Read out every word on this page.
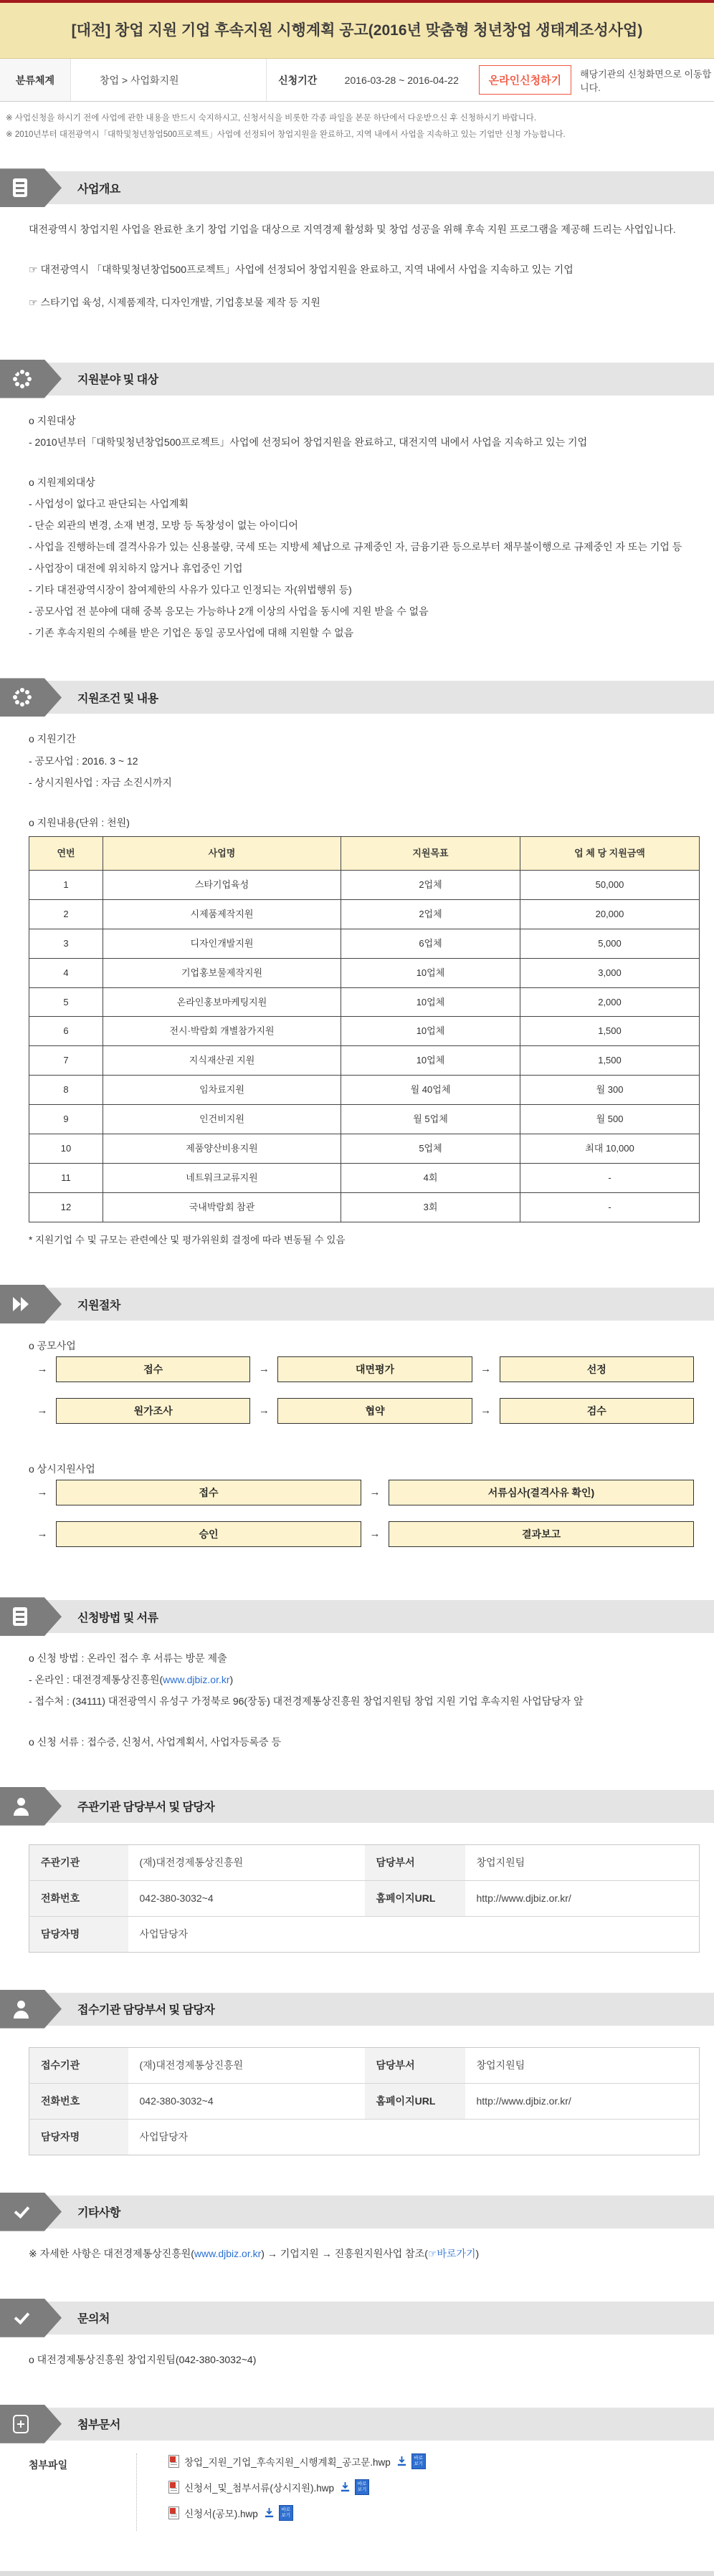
[대전] 창업 지원 기업 후속지원 시행계획 공고(2016년 맞춤형 청년창업 생태계조성사업)
분류체계	창업 > 사업화지원	신청기간	2016-03-28 ~ 2016-04-22	온라인신청하기
해당기관의 신청화면으로 이동합니다.

※ 사업신청을 하시기 전에 사업에 관한 내용을 반드시 숙지하시고, 신청서식을 비롯한 각종 파일을 본문 하단에서 다운받으신 후 신청하시기 바랍니다.

※ 2010년부터 대전광역시「대학및청년창업500프로젝트」사업에 선정되어 창업지원을 완료하고, 지역 내에서 사업을 지속하고 있는 기업만 신청 가능합니다.

사업개요

대전광역시 창업지원 사업을 완료한 초기 창업 기업을 대상으로 지역경제 활성화 및 창업 성공을 위해 후속 지원 프로그램을 제공해 드리는 사업입니다.

☞ 대전광역시 「대학및청년창업500프로젝트」사업에 선정되어 창업지원을 완료하고, 지역 내에서 사업을 지속하고 있는 기업

☞ 스타기업 육성, 시제품제작, 디자인개발, 기업홍보물 제작 등 지원

지원분야 및 대상

o 지원대상

- 2010년부터「대학및청년창업500프로젝트」사업에 선정되어 창업지원을 완료하고, 대전지역 내에서 사업을 지속하고 있는 기업

o 지원제외대상

- 사업성이 없다고 판단되는 사업계획

- 단순 외관의 변경, 소재 변경, 모방 등 독창성이 없는 아이디어

- 사업을 진행하는데 결격사유가 있는 신용불량, 국세 또는 지방세 체납으로 규제중인 자, 금융기관 등으로부터 채무불이행으로 규제중인 자 또는 기업 등

- 사업장이 대전에 위치하지 않거나 휴업중인 기업

- 기타 대전광역시장이 참여제한의 사유가 있다고 인정되는 자(위법행위 등)

- 공모사업 전 분야에 대해 중복 응모는 가능하나 2개 이상의 사업을 동시에 지원 받을 수 없음

- 기존 후속지원의 수혜를 받은 기업은 동일 공모사업에 대해 지원할 수 없음

지원조건 및 내용

o 지원기간

- 공모사업 : 2016. 3 ~ 12

- 상시지원사업 : 자금 소진시까지

o 지원내용(단위 : 천원)

연번	사업명	지원목표	업 체 당 지원금액
1	스타기업육성	2업체	50,000
2	시제품제작지원	2업체	20,000
3	디자인개발지원	6업체	5,000
4	기업홍보물제작지원	10업체	3,000
5	온라인홍보마케팅지원	10업체	2,000
6	전시·박람회 개별참가지원	10업체	1,500
7	지식재산권 지원	10업체	1,500
8	임차료지원	월 40업체	월 300
9	인건비지원	월 5업체	월 500
10	제품양산비용지원	5업체	최대 10,000
11	네트워크교류지원	4회	-
12	국내박람회 참관	3회	-

* 지원기업 수 및 규모는 관련예산 및 평가위원회 결정에 따라 변동될 수 있음

지원절차

o 공모사업

→	접수	→	대면평가	→	선정
→	원가조사	→	협약	→	검수

o 상시지원사업

→	접수	→	서류심사(결격사유 확인)
→	승인	→	결과보고
신청방법 및 서류

o 신청 방법 : 온라인 접수 후 서류는 방문 제출

- 온라인 : 대전경제통상진흥원(www.djbiz.or.kr)

- 접수처 : (34111) 대전광역시 유성구 가정북로 96(장동) 대전경제통상진흥원 창업지원팀 창업 지원 기업 후속지원 사업담당자 앞

o 신청 서류 : 접수증, 신청서, 사업계획서, 사업자등록증 등

주관기관 담당부서 및 담당자
주관기관	(재)대전경제통상진흥원	담당부서	창업지원팀
전화번호	042-380-3032~4	홈페이지URL	http://www.djbiz.or.kr/
담당자명	사업담당자		
접수기관 담당부서 및 담당자
접수기관	(재)대전경제통상진흥원	담당부서	창업지원팀
전화번호	042-380-3032~4	홈페이지URL	http://www.djbiz.or.kr/
담당자명	사업담당자		
기타사항

※ 자세한 사항은 대전경제통상진흥원(www.djbiz.or.kr) → 기업지원 → 진흥원지원사업 참조(☞바로가기)

문의처

o 대전경제통상진흥원 창업지원팀(042-380-3032~4)

첨부문서
첨부파일	창업_지원_기업_후속지원_시행계획_공고문.hwp	바로보기
신청서_및_첨부서류(상시지원).hwp	바로보기
신청서(공모).hwp	바로보기
